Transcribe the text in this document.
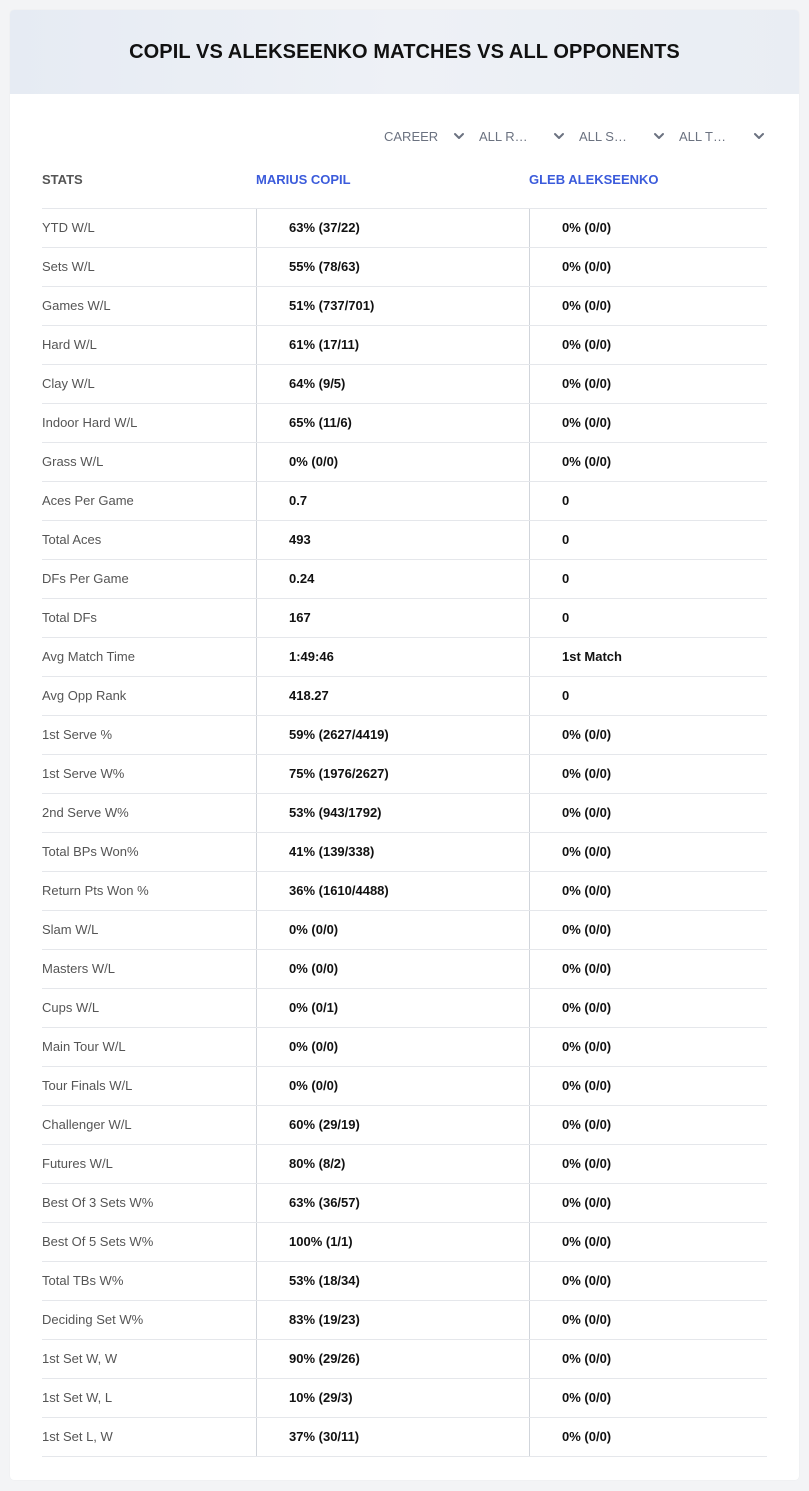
COPIL VS ALEKSEENKO MATCHES VS ALL OPPONENTS
CAREER	ALL R…	ALL S…	ALL T…
STATS	MARIUS COPIL	GLEB ALEKSEENKO
YTD W/L	63% (37/22)	0% (0/0)
Sets W/L	55% (78/63)	0% (0/0)
Games W/L	51% (737/701)	0% (0/0)
Hard W/L	61% (17/11)	0% (0/0)
Clay W/L	64% (9/5)	0% (0/0)
Indoor Hard W/L	65% (11/6)	0% (0/0)
Grass W/L	0% (0/0)	0% (0/0)
Aces Per Game	0.7	0
Total Aces	493	0
DFs Per Game	0.24	0
Total DFs	167	0
Avg Match Time	1:49:46	1st Match
Avg Opp Rank	418.27	0
1st Serve %	59% (2627/4419)	0% (0/0)
1st Serve W%	75% (1976/2627)	0% (0/0)
2nd Serve W%	53% (943/1792)	0% (0/0)
Total BPs Won%	41% (139/338)	0% (0/0)
Return Pts Won %	36% (1610/4488)	0% (0/0)
Slam W/L	0% (0/0)	0% (0/0)
Masters W/L	0% (0/0)	0% (0/0)
Cups W/L	0% (0/1)	0% (0/0)
Main Tour W/L	0% (0/0)	0% (0/0)
Tour Finals W/L	0% (0/0)	0% (0/0)
Challenger W/L	60% (29/19)	0% (0/0)
Futures W/L	80% (8/2)	0% (0/0)
Best Of 3 Sets W%	63% (36/57)	0% (0/0)
Best Of 5 Sets W%	100% (1/1)	0% (0/0)
Total TBs W%	53% (18/34)	0% (0/0)
Deciding Set W%	83% (19/23)	0% (0/0)
1st Set W, W	90% (29/26)	0% (0/0)
1st Set W, L	10% (29/3)	0% (0/0)
1st Set L, W	37% (30/11)	0% (0/0)
